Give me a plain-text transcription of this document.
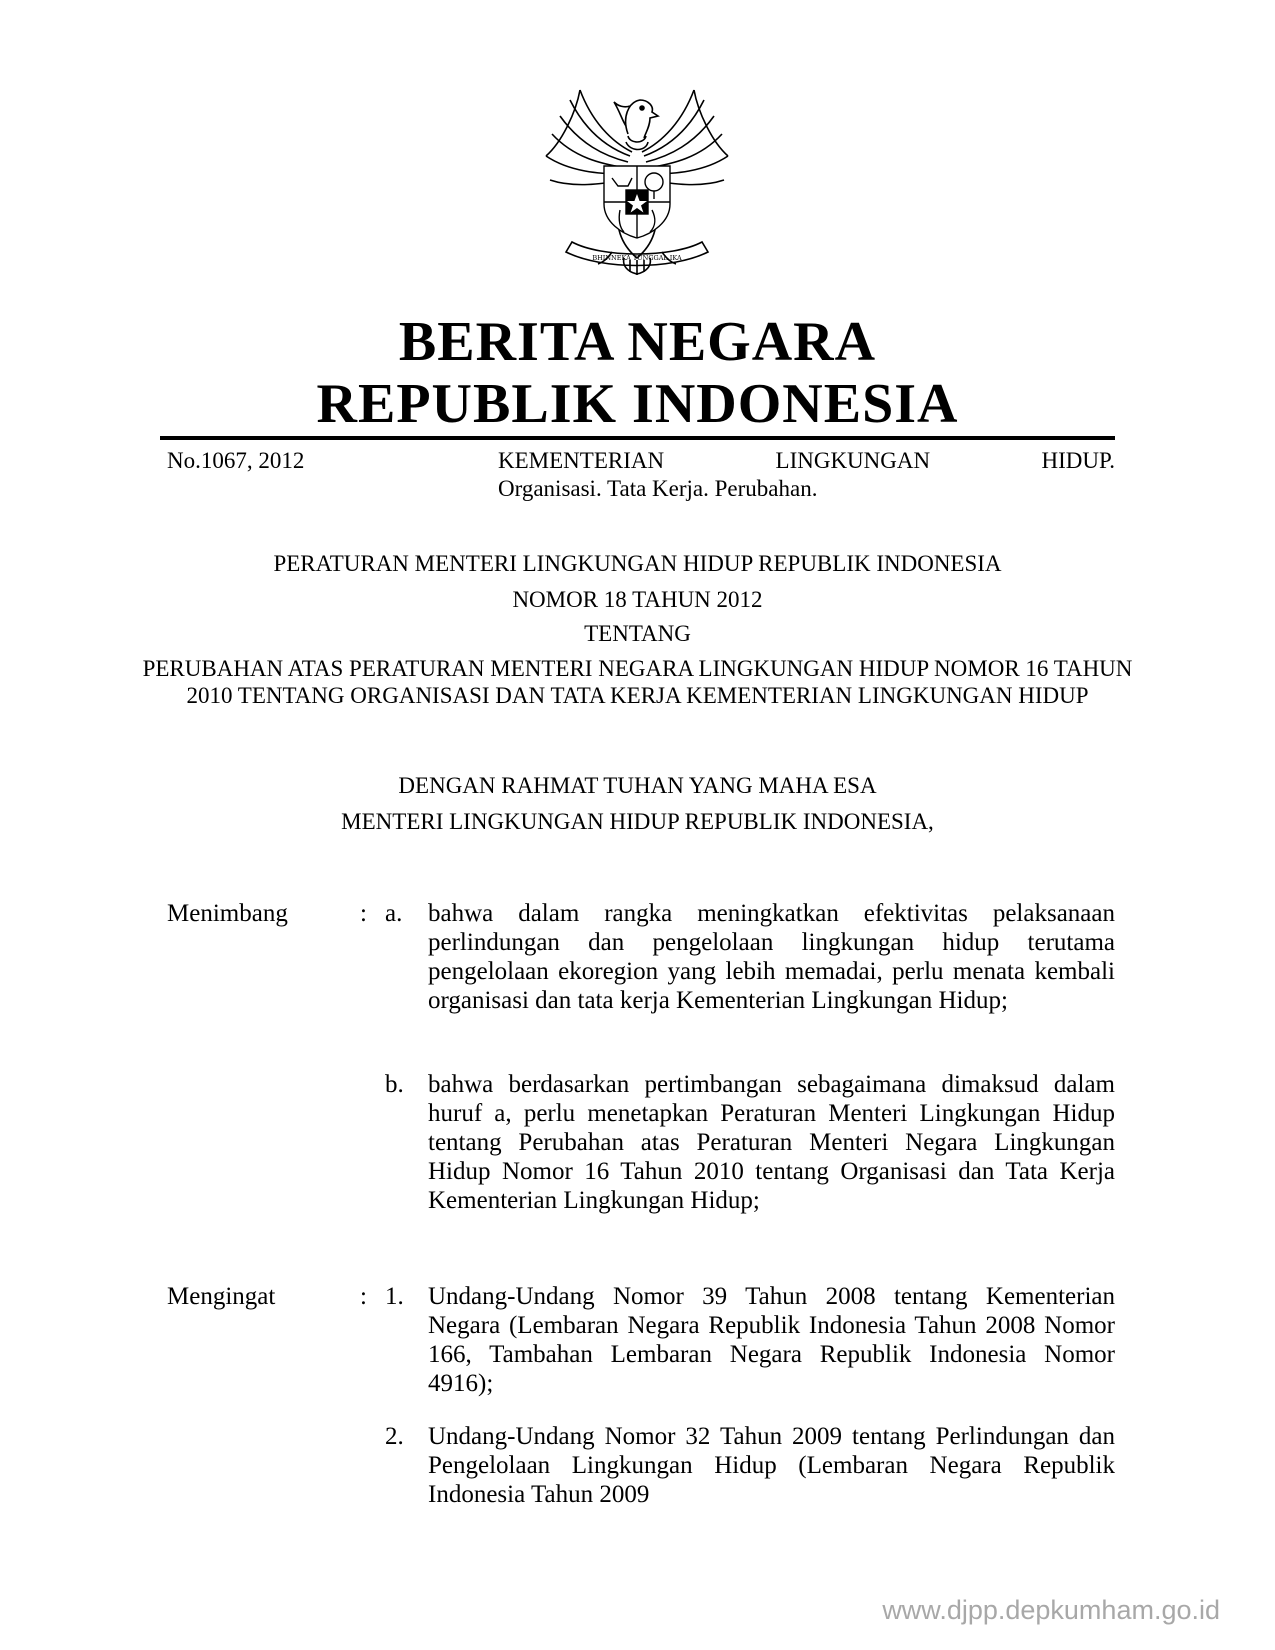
BHINNEKA TUNGGAL IKA
BERITA NEGARA
REPUBLIK INDONESIA
No.1067, 2012	KEMENTERIAN	LINGKUNGAN	HIDUP.
Organisasi. Tata Kerja. Perubahan.
PERATURAN MENTERI LINGKUNGAN HIDUP REPUBLIK INDONESIA
NOMOR 18 TAHUN 2012
TENTANG
PERUBAHAN ATAS PERATURAN MENTERI NEGARA LINGKUNGAN HIDUP NOMOR 16 TAHUN 2010 TENTANG ORGANISASI DAN TATA KERJA KEMENTERIAN LINGKUNGAN HIDUP
DENGAN RAHMAT TUHAN YANG MAHA ESA
MENTERI LINGKUNGAN HIDUP REPUBLIK INDONESIA,
Menimbang	: a. bahwa dalam rangka meningkatkan efektivitas pelaksanaan perlindungan dan pengelolaan lingkungan hidup terutama pengelolaan ekoregion yang lebih memadai, perlu menata kembali organisasi dan tata kerja Kementerian Lingkungan Hidup;
b. bahwa berdasarkan pertimbangan sebagaimana dimaksud dalam huruf a, perlu menetapkan Peraturan Menteri Lingkungan Hidup tentang Perubahan atas Peraturan Menteri Negara Lingkungan Hidup Nomor 16 Tahun 2010 tentang Organisasi dan Tata Kerja Kementerian Lingkungan Hidup;
Mengingat	: 1. Undang-Undang Nomor 39 Tahun 2008 tentang Kementerian Negara (Lembaran Negara Republik Indonesia Tahun 2008 Nomor 166, Tambahan Lembaran Negara Republik Indonesia Nomor 4916);
2. Undang-Undang Nomor 32 Tahun 2009 tentang Perlindungan dan Pengelolaan Lingkungan Hidup (Lembaran Negara Republik Indonesia Tahun 2009
www.djpp.depkumham.go.id
